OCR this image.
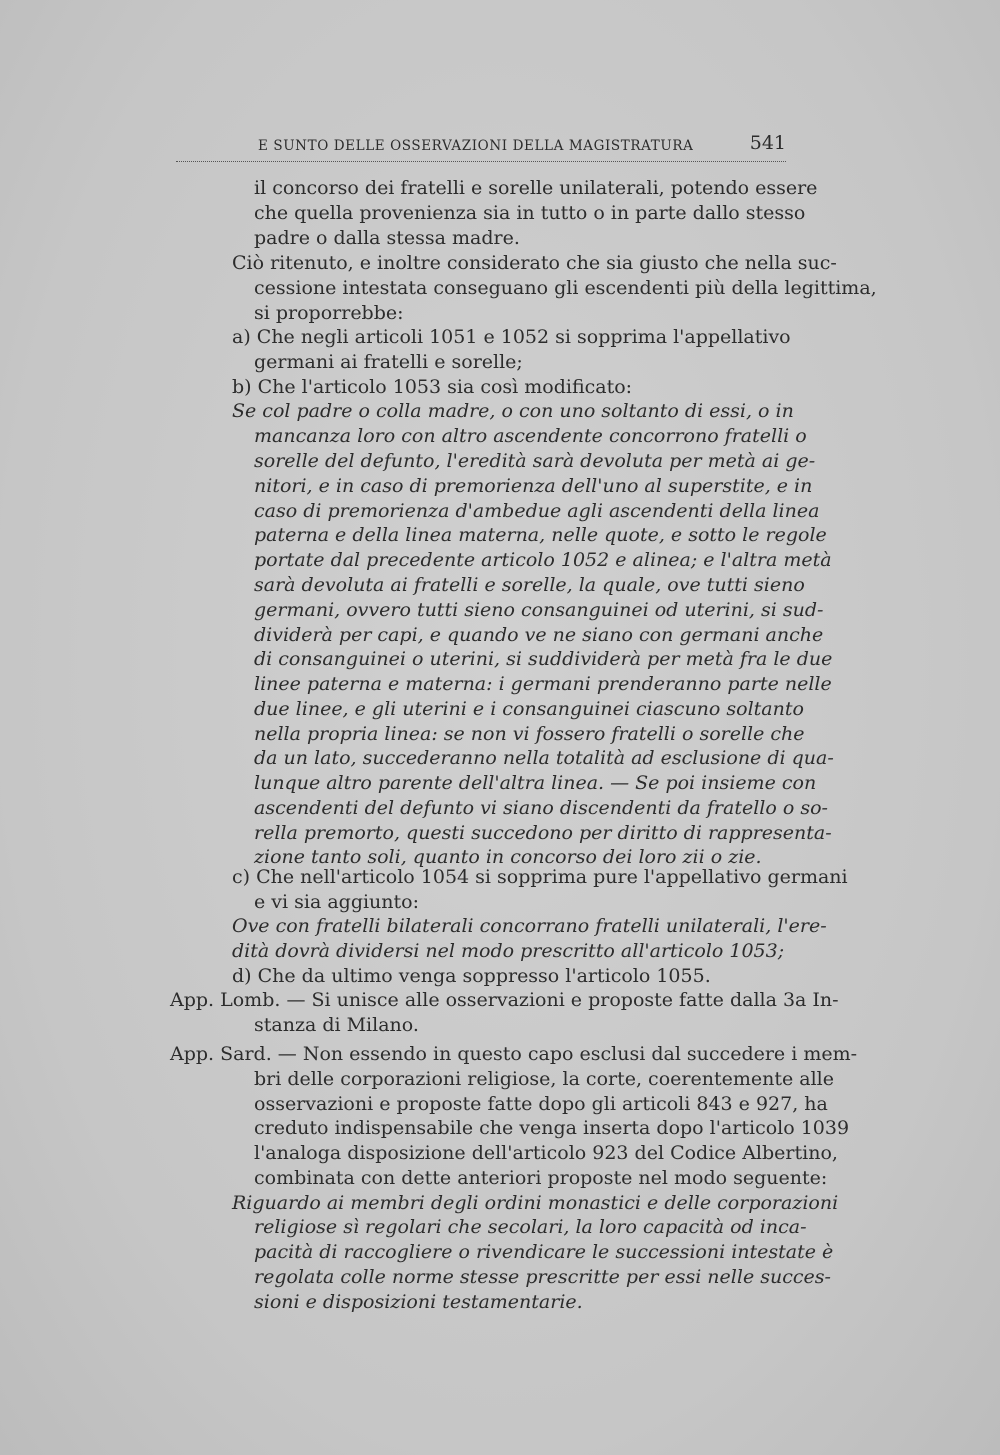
E SUNTO DELLE OSSERVAZIONI DELLA MAGISTRATURA	541
il concorso dei fratelli e sorelle unilaterali, potendo essere
che quella provenienza sia in tutto o in parte dallo stesso
padre o dalla stessa madre.
Ciò ritenuto, e inoltre considerato che sia giusto che nella suc-
cessione intestata conseguano gli escendenti più della legittima,
si proporrebbe:
a) Che negli articoli 1051 e 1052 si sopprima l'appellativo
germani ai fratelli e sorelle;
b) Che l'articolo 1053 sia così modificato:
Se col padre o colla madre, o con uno soltanto di essi, o in
mancanza loro con altro ascendente concorrono fratelli o
sorelle del defunto, l'eredità sarà devoluta per metà ai ge-
nitori, e in caso di premorienza dell'uno al superstite, e in
caso di premorienza d'ambedue agli ascendenti della linea
paterna e della linea materna, nelle quote, e sotto le regole
portate dal precedente articolo 1052 e alinea; e l'altra metà
sarà devoluta ai fratelli e sorelle, la quale, ove tutti sieno
germani, ovvero tutti sieno consanguinei od uterini, si sud-
dividerà per capi, e quando ve ne siano con germani anche
di consanguinei o uterini, si suddividerà per metà fra le due
linee paterna e materna: i germani prenderanno parte nelle
due linee, e gli uterini e i consanguinei ciascuno soltanto
nella propria linea: se non vi fossero fratelli o sorelle che
da un lato, succederanno nella totalità ad esclusione di qua-
lunque altro parente dell'altra linea. — Se poi insieme con
ascendenti del defunto vi siano discendenti da fratello o so-
rella premorto, questi succedono per diritto di rappresenta-
zione tanto soli, quanto in concorso dei loro zii o zie.
c) Che nell'articolo 1054 si sopprima pure l'appellativo germani
e vi sia aggiunto:
Ove con fratelli bilaterali concorrano fratelli unilaterali, l'ere-
dità dovrà dividersi nel modo prescritto all'articolo 1053;
d) Che da ultimo venga soppresso l'articolo 1055.
App. Lomb. — Si unisce alle osservazioni e proposte fatte dalla 3a In-
stanza di Milano.
App. Sard. — Non essendo in questo capo esclusi dal succedere i mem-
bri delle corporazioni religiose, la corte, coerentemente alle
osservazioni e proposte fatte dopo gli articoli 843 e 927, ha
creduto indispensabile che venga inserta dopo l'articolo 1039
l'analoga disposizione dell'articolo 923 del Codice Albertino,
combinata con dette anteriori proposte nel modo seguente:
Riguardo ai membri degli ordini monastici e delle corporazioni
religiose sì regolari che secolari, la loro capacità od inca-
pacità di raccogliere o rivendicare le successioni intestate è
regolata colle norme stesse prescritte per essi nelle succes-
sioni e disposizioni testamentarie.
